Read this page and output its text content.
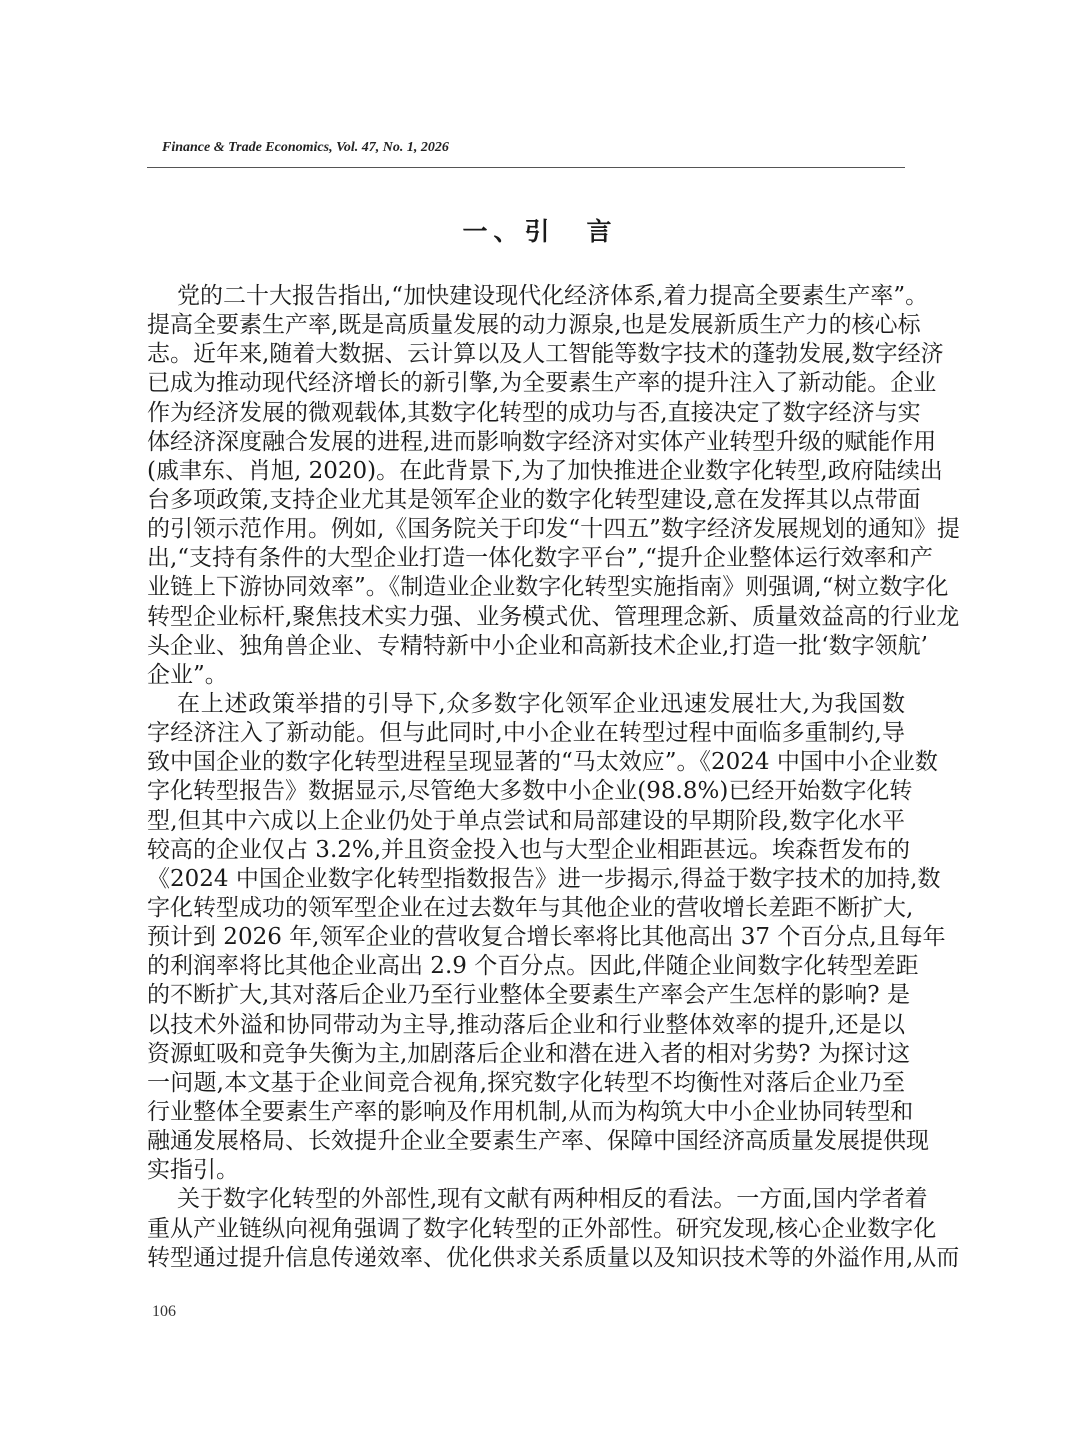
Finance & Trade Economics, Vol. 47, No. 1, 2026
一、引　言
党的二十大报告指出,“加快建设现代化经济体系,着力提高全要素生产率”。
提高全要素生产率,既是高质量发展的动力源泉,也是发展新质生产力的核心标
志。近年来,随着大数据、云计算以及人工智能等数字技术的蓬勃发展,数字经济
已成为推动现代经济增长的新引擎,为全要素生产率的提升注入了新动能。企业
作为经济发展的微观载体,其数字化转型的成功与否,直接决定了数字经济与实
体经济深度融合发展的进程,进而影响数字经济对实体产业转型升级的赋能作用
(戚聿东、肖旭, 2020)。在此背景下,为了加快推进企业数字化转型,政府陆续出
台多项政策,支持企业尤其是领军企业的数字化转型建设,意在发挥其以点带面
的引领示范作用。例如,《国务院关于印发“十四五”数字经济发展规划的通知》提
出,“支持有条件的大型企业打造一体化数字平台”,“提升企业整体运行效率和产
业链上下游协同效率”。《制造业企业数字化转型实施指南》则强调,“树立数字化
转型企业标杆,聚焦技术实力强、业务模式优、管理理念新、质量效益高的行业龙
头企业、独角兽企业、专精特新中小企业和高新技术企业,打造一批‘数字领航’
企业”。
在上述政策举措的引导下,众多数字化领军企业迅速发展壮大,为我国数
字经济注入了新动能。但与此同时,中小企业在转型过程中面临多重制约,导
致中国企业的数字化转型进程呈现显著的“马太效应”。《2024 中国中小企业数
字化转型报告》数据显示,尽管绝大多数中小企业(98.8%)已经开始数字化转
型,但其中六成以上企业仍处于单点尝试和局部建设的早期阶段,数字化水平
较高的企业仅占 3.2%,并且资金投入也与大型企业相距甚远。埃森哲发布的
《2024 中国企业数字化转型指数报告》进一步揭示,得益于数字技术的加持,数
字化转型成功的领军型企业在过去数年与其他企业的营收增长差距不断扩大,
预计到 2026 年,领军企业的营收复合增长率将比其他高出 37 个百分点,且每年
的利润率将比其他企业高出 2.9 个百分点。因此,伴随企业间数字化转型差距
的不断扩大,其对落后企业乃至行业整体全要素生产率会产生怎样的影响? 是
以技术外溢和协同带动为主导,推动落后企业和行业整体效率的提升,还是以
资源虹吸和竞争失衡为主,加剧落后企业和潜在进入者的相对劣势? 为探讨这
一问题,本文基于企业间竞合视角,探究数字化转型不均衡性对落后企业乃至
行业整体全要素生产率的影响及作用机制,从而为构筑大中小企业协同转型和
融通发展格局、长效提升企业全要素生产率、保障中国经济高质量发展提供现
实指引。
关于数字化转型的外部性,现有文献有两种相反的看法。一方面,国内学者着
重从产业链纵向视角强调了数字化转型的正外部性。研究发现,核心企业数字化
转型通过提升信息传递效率、优化供求关系质量以及知识技术等的外溢作用,从而
106
